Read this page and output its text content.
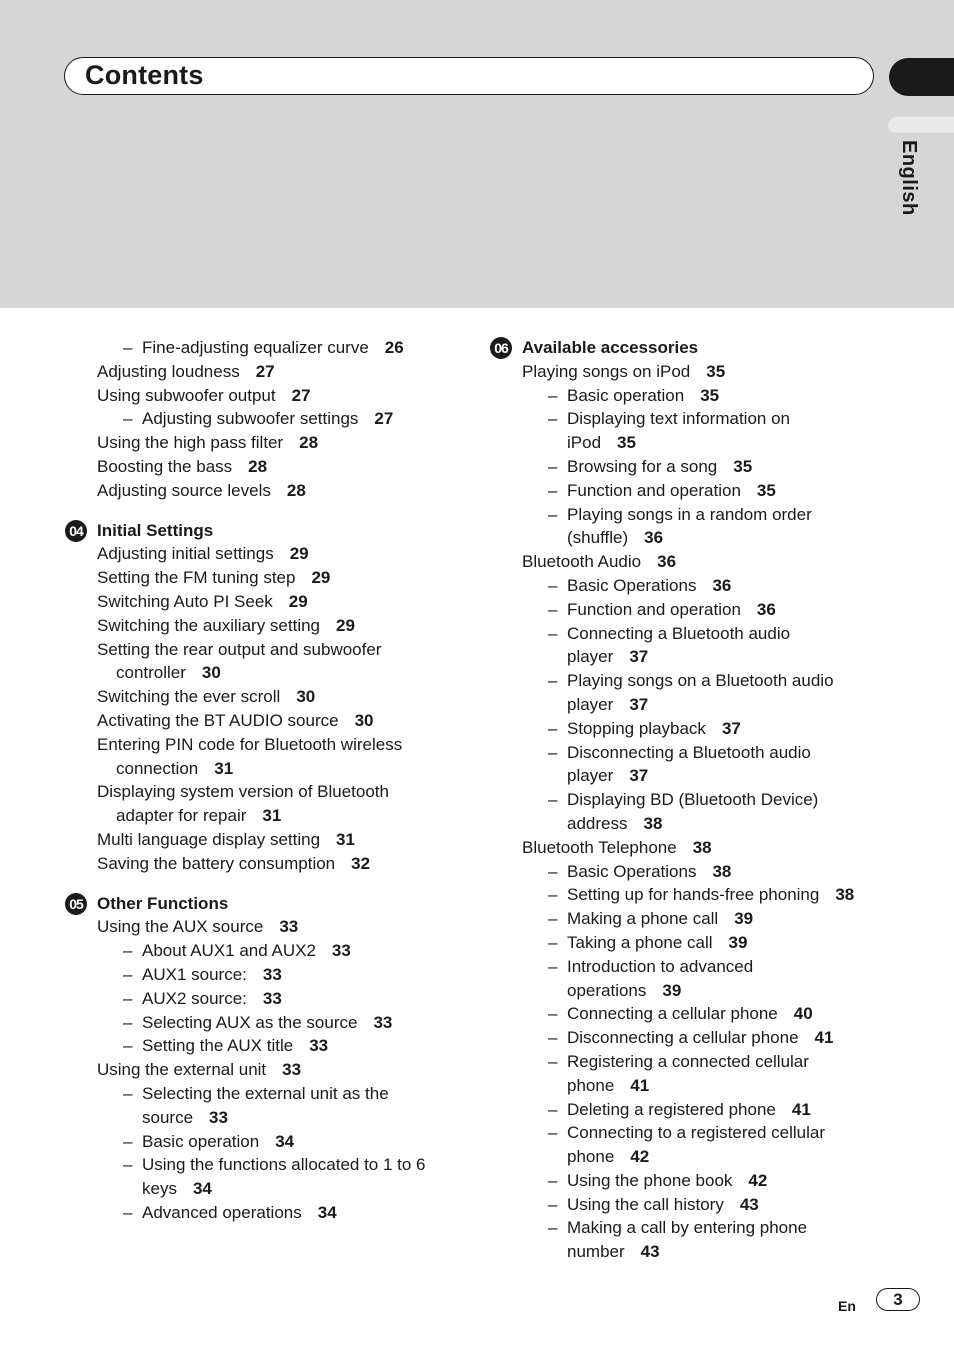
Contents
English
– Fine-adjusting equalizer curve 26
Adjusting loudness 27
Using subwoofer output 27
– Adjusting subwoofer settings 27
Using the high pass filter 28
Boosting the bass 28
Adjusting source levels 28
04 Initial Settings
Adjusting initial settings 29
Setting the FM tuning step 29
Switching Auto PI Seek 29
Switching the auxiliary setting 29
Setting the rear output and subwoofer
controller 30
Switching the ever scroll 30
Activating the BT AUDIO source 30
Entering PIN code for Bluetooth wireless
connection 31
Displaying system version of Bluetooth
adapter for repair 31
Multi language display setting 31
Saving the battery consumption 32
05 Other Functions
Using the AUX source 33
– About AUX1 and AUX2 33
– AUX1 source: 33
– AUX2 source: 33
– Selecting AUX as the source 33
– Setting the AUX title 33
Using the external unit 33
– Selecting the external unit as the
source 33
– Basic operation 34
– Using the functions allocated to 1 to 6
keys 34
– Advanced operations 34
06 Available accessories
Playing songs on iPod 35
– Basic operation 35
– Displaying text information on
iPod 35
– Browsing for a song 35
– Function and operation 35
– Playing songs in a random order
(shuffle) 36
Bluetooth Audio 36
– Basic Operations 36
– Function and operation 36
– Connecting a Bluetooth audio
player 37
– Playing songs on a Bluetooth audio
player 37
– Stopping playback 37
– Disconnecting a Bluetooth audio
player 37
– Displaying BD (Bluetooth Device)
address 38
Bluetooth Telephone 38
– Basic Operations 38
– Setting up for hands-free phoning 38
– Making a phone call 39
– Taking a phone call 39
– Introduction to advanced
operations 39
– Connecting a cellular phone 40
– Disconnecting a cellular phone 41
– Registering a connected cellular
phone 41
– Deleting a registered phone 41
– Connecting to a registered cellular
phone 42
– Using the phone book 42
– Using the call history 43
– Making a call by entering phone
number 43
En	3
